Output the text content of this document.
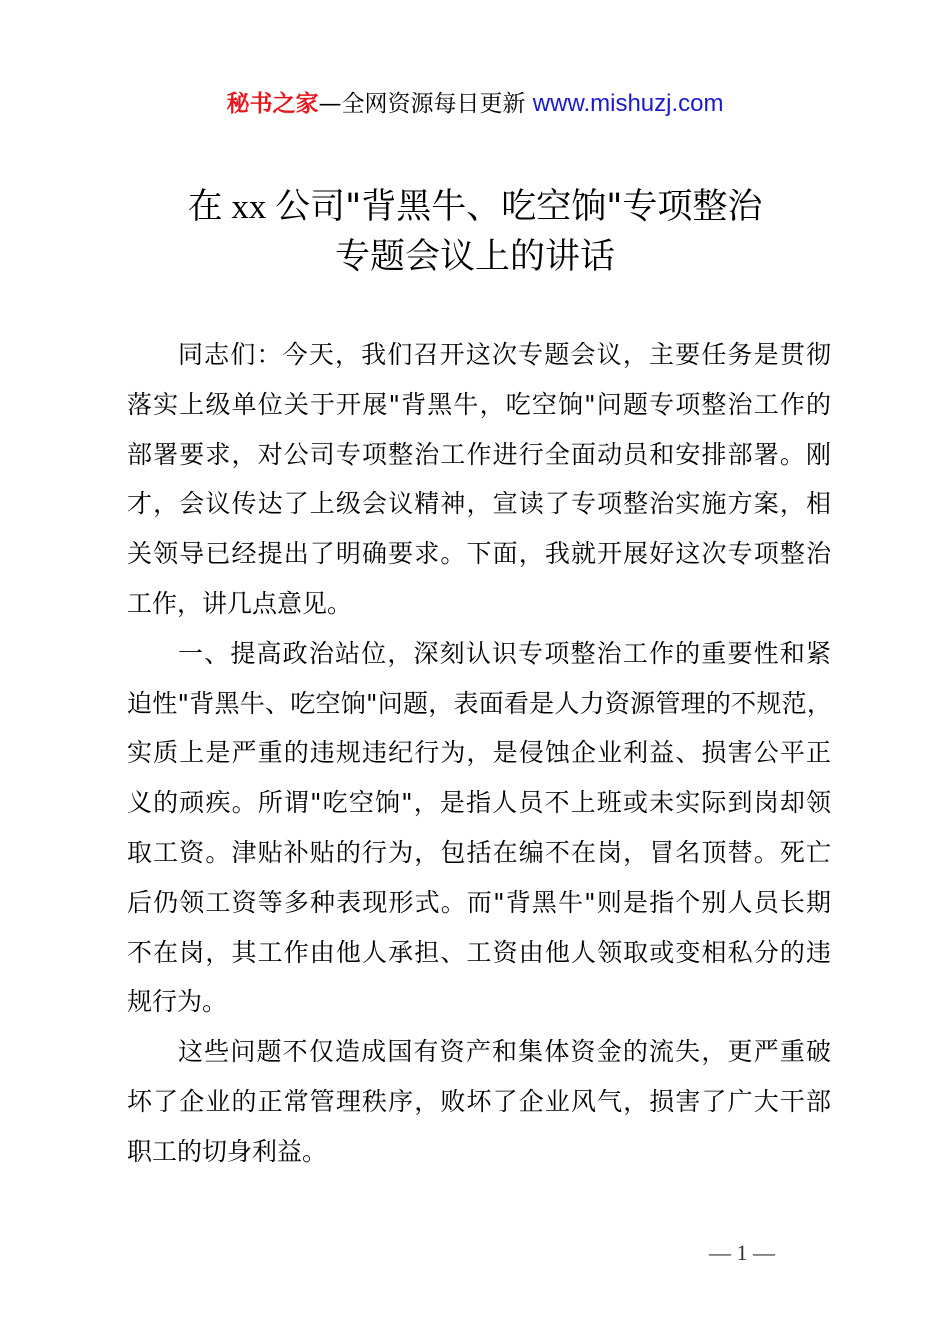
秘书之家—全网资源每日更新 www.mishuzj.com
在 xx 公司"背黑牛、吃空饷"专项整治
专题会议上的讲话
同志们：今天，我们召开这次专题会议，主要任务是贯彻
落实上级单位关于开展"背黑牛，吃空饷"问题专项整治工作的
部署要求，对公司专项整治工作进行全面动员和安排部署。刚
才，会议传达了上级会议精神，宣读了专项整治实施方案，相
关领导已经提出了明确要求。下面，我就开展好这次专项整治
工作，讲几点意见。
一、提高政治站位，深刻认识专项整治工作的重要性和紧
迫性"背黑牛、吃空饷"问题，表面看是人力资源管理的不规范，
实质上是严重的违规违纪行为，是侵蚀企业利益、损害公平正
义的顽疾。所谓"吃空饷"，是指人员不上班或未实际到岗却领
取工资。津贴补贴的行为，包括在编不在岗，冒名顶替。死亡
后仍领工资等多种表现形式。而"背黑牛"则是指个别人员长期
不在岗，其工作由他人承担、工资由他人领取或变相私分的违
规行为。
这些问题不仅造成国有资产和集体资金的流失，更严重破
坏了企业的正常管理秩序，败坏了企业风气，损害了广大干部
职工的切身利益。
— 1 —
